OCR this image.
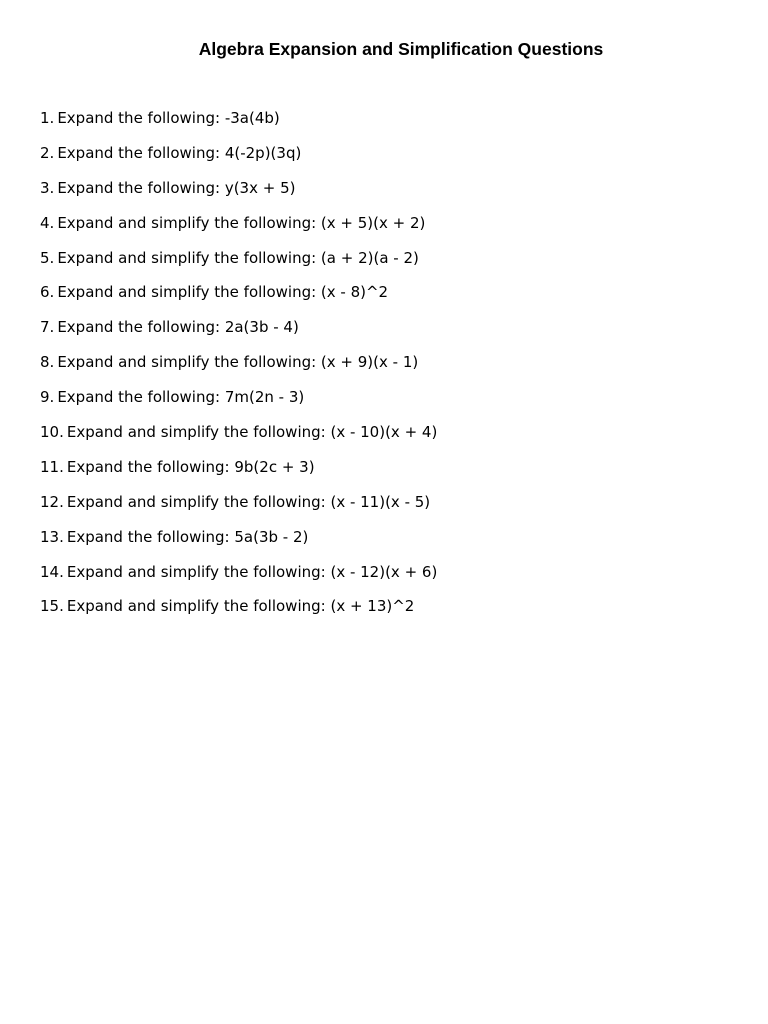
Algebra Expansion and Simplification Questions
1. Expand the following: -3a(4b)
2. Expand the following: 4(-2p)(3q)
3. Expand the following: y(3x + 5)
4. Expand and simplify the following: (x + 5)(x + 2)
5. Expand and simplify the following: (a + 2)(a - 2)
6. Expand and simplify the following: (x - 8)^2
7. Expand the following: 2a(3b - 4)
8. Expand and simplify the following: (x + 9)(x - 1)
9. Expand the following: 7m(2n - 3)
10. Expand and simplify the following: (x - 10)(x + 4)
11. Expand the following: 9b(2c + 3)
12. Expand and simplify the following: (x - 11)(x - 5)
13. Expand the following: 5a(3b - 2)
14. Expand and simplify the following: (x - 12)(x + 6)
15. Expand and simplify the following: (x + 13)^2
